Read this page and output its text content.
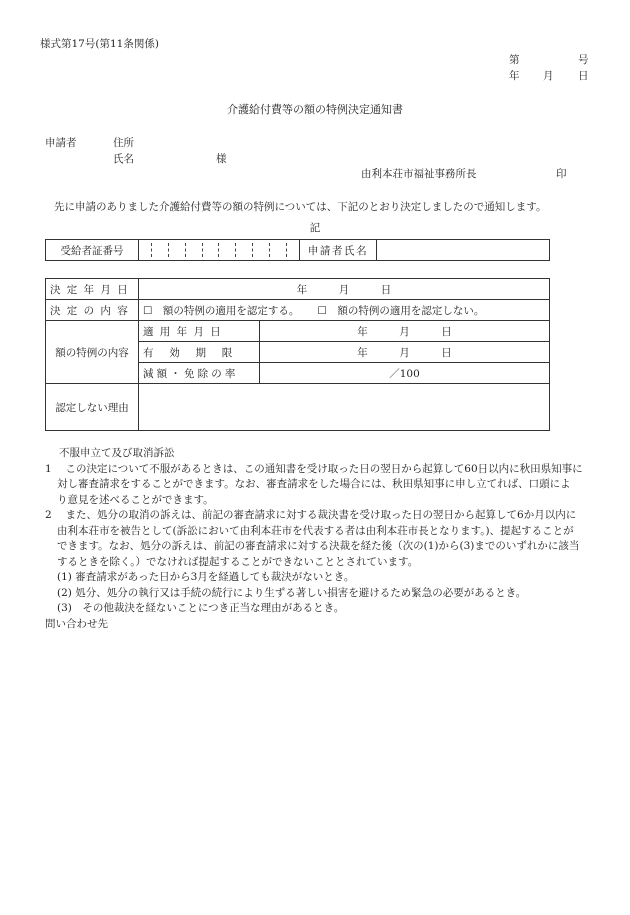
様式第17号(第11条関係)
第	号
年 月 日
介護給付費等の額の特例決定通知書
申請者	住所
氏名	様
由利本荘市福祉事務所長	印
先に申請のありました介護給付費等の額の特例については、下記のとおり決定しましたので通知します。
記
受給者証番号		申請者氏名	
決定年月日	年　　　月　　　日	
決定の内容	☐　額の特例の適用を認定する。 ☐　額の特例の適用を認定しない。	
額の特例の内容	適用年月日	年　　　月　　　日
	有効期限	年　　　月　　　日
	減額・免除の率	／100
認定しない理由		
不服申立て及び取消訴訟
1　 この決定について不服があるときは、この通知書を受け取った日の翌日から起算して60日以内に秋田県知事に
対し審査請求をすることができます。なお、審査請求をした場合には、秋田県知事に申し立てれば、口頭によ
り意見を述べることができます。
2　 また、処分の取消の訴えは、前記の審査請求に対する裁決書を受け取った日の翌日から起算して6か月以内に
由利本荘市を被告として(訴訟において由利本荘市を代表する者は由利本荘市長となります。)、提起することが
できます。なお、処分の訴えは、前記の審査請求に対する決裁を経た後（次の(1)から(3)までのいずれかに該当
するときを除く。）でなければ提起することができないこととされています。
(1) 審査請求があった日から3月を経過しても裁決がないとき。
(2) 処分、処分の執行又は手続の続行により生ずる著しい損害を避けるため緊急の必要があるとき。
(3)　その他裁決を経ないことにつき正当な理由があるとき。
問い合わせ先
